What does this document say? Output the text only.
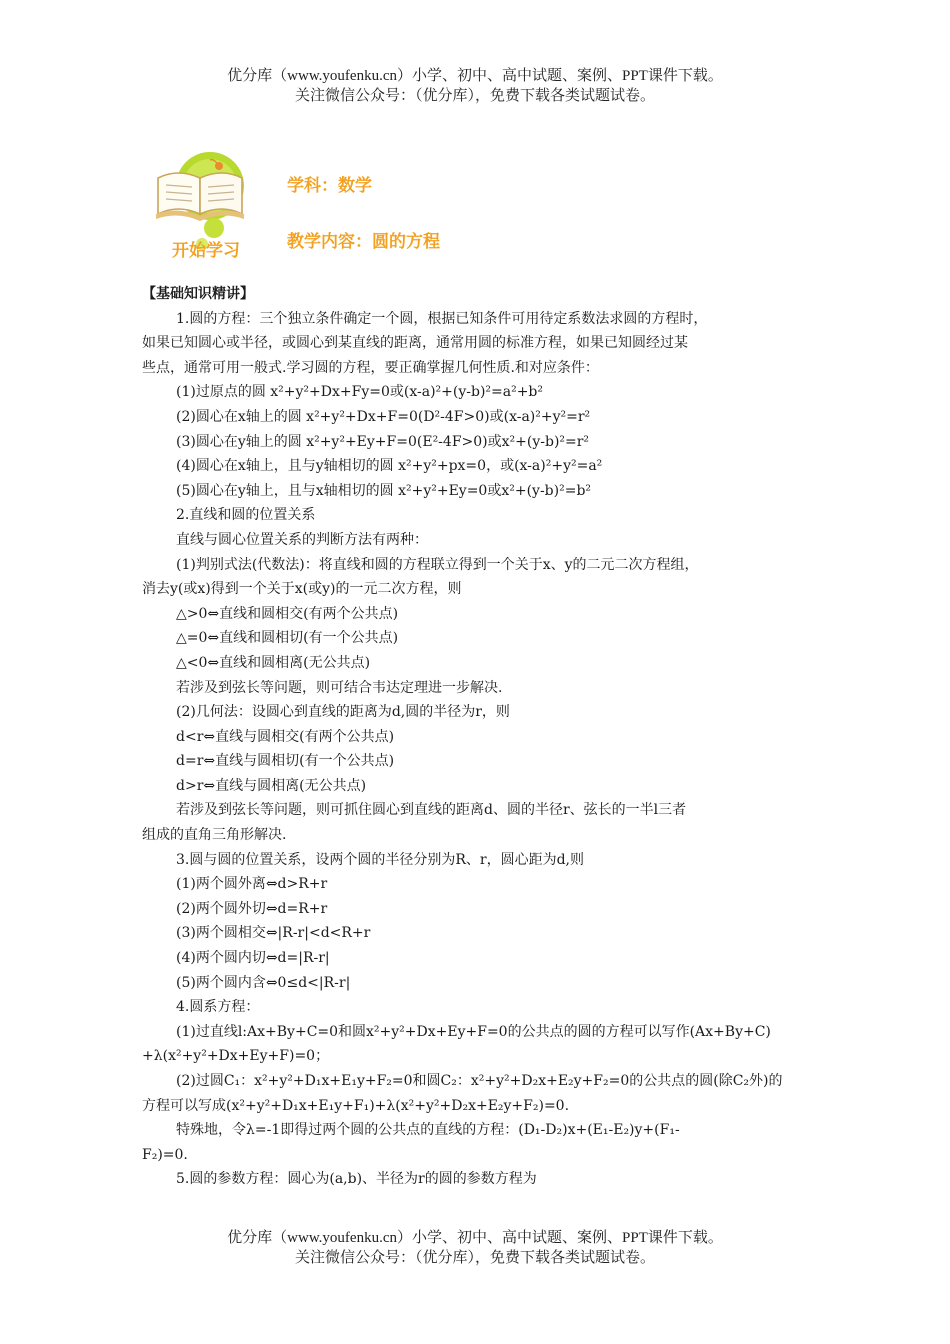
优分库（www.youfenku.cn）小学、初中、高中试题、案例、PPT课件下载。
关注微信公众号：（优分库），免费下载各类试题试卷。
开始学习
学科：数学
教学内容：圆的方程
【基础知识精讲】
1.圆的方程：三个独立条件确定一个圆，根据已知条件可用待定系数法求圆的方程时，
如果已知圆心或半径，或圆心到某直线的距离，通常用圆的标准方程，如果已知圆经过某
些点，通常可用一般式.学习圆的方程，要正确掌握几何性质.和对应条件：
(1)过原点的圆 x²+y²+Dx+Fy=0或(x-a)²+(y-b)²=a²+b²
(2)圆心在x轴上的圆 x²+y²+Dx+F=0(D²-4F>0)或(x-a)²+y²=r²
(3)圆心在y轴上的圆 x²+y²+Ey+F=0(E²-4F>0)或x²+(y-b)²=r²
(4)圆心在x轴上，且与y轴相切的圆 x²+y²+px=0，或(x-a)²+y²=a²
(5)圆心在y轴上，且与x轴相切的圆 x²+y²+Ey=0或x²+(y-b)²=b²
2.直线和圆的位置关系
直线与圆心位置关系的判断方法有两种：
(1)判别式法(代数法)：将直线和圆的方程联立得到一个关于x、y的二元二次方程组，
消去y(或x)得到一个关于x(或y)的一元二次方程，则
△>0⇔直线和圆相交(有两个公共点)
△=0⇔直线和圆相切(有一个公共点)
△<0⇔直线和圆相离(无公共点)
若涉及到弦长等问题，则可结合韦达定理进一步解决.
(2)几何法：设圆心到直线的距离为d,圆的半径为r，则
d<r⇔直线与圆相交(有两个公共点)
d=r⇔直线与圆相切(有一个公共点)
d>r⇔直线与圆相离(无公共点)
若涉及到弦长等问题，则可抓住圆心到直线的距离d、圆的半径r、弦长的一半l三者
组成的直角三角形解决.
3.圆与圆的位置关系，设两个圆的半径分别为R、r，圆心距为d,则
(1)两个圆外离⇔d>R+r
(2)两个圆外切⇔d=R+r
(3)两个圆相交⇔|R-r|<d<R+r
(4)两个圆内切⇔d=|R-r|
(5)两个圆内含⇔0≤d<|R-r|
4.圆系方程：
(1)过直线l:Ax+By+C=0和圆x²+y²+Dx+Ey+F=0的公共点的圆的方程可以写作(Ax+By+C)
+λ(x²+y²+Dx+Ey+F)=0；
(2)过圆C₁：x²+y²+D₁x+E₁y+F₂=0和圆C₂：x²+y²+D₂x+E₂y+F₂=0的公共点的圆(除C₂外)的
方程可以写成(x²+y²+D₁x+E₁y+F₁)+λ(x²+y²+D₂x+E₂y+F₂)=0.
特殊地，令λ=-1即得过两个圆的公共点的直线的方程：(D₁-D₂)x+(E₁-E₂)y+(F₁-
F₂)=0.
5.圆的参数方程：圆心为(a,b)、半径为r的圆的参数方程为
优分库（www.youfenku.cn）小学、初中、高中试题、案例、PPT课件下载。
关注微信公众号：（优分库），免费下载各类试题试卷。
